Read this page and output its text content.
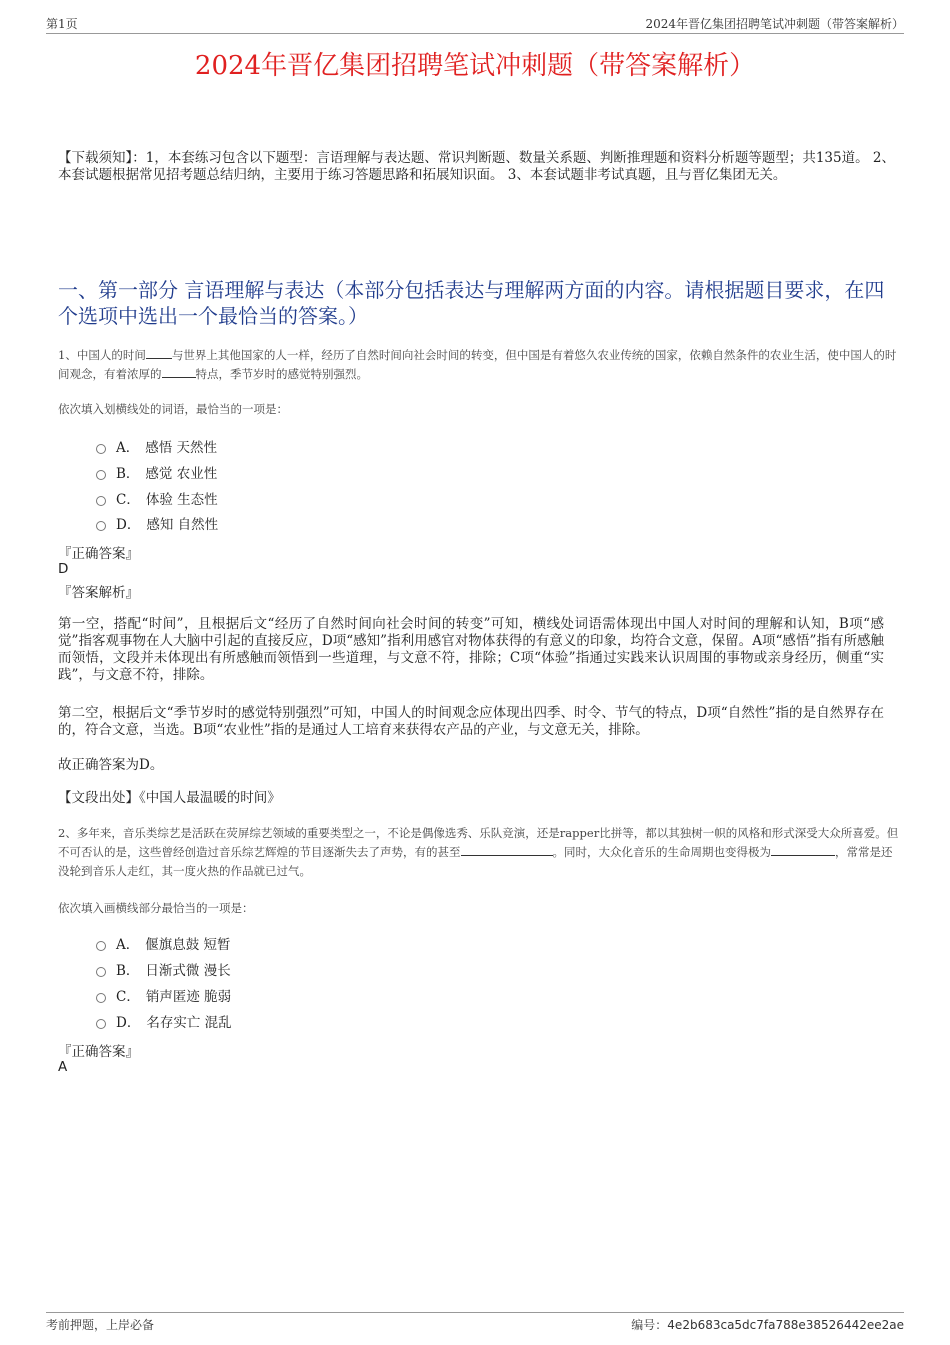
第1页	2024年晋亿集团招聘笔试冲刺题（带答案解析）
2024年晋亿集团招聘笔试冲刺题（带答案解析）
【下载须知】：1，本套练习包含以下题型：言语理解与表达题、常识判断题、数量关系题、判断推理题和资料分析题等题型；共135道。 2、本套试题根据常见招考题总结归纳，主要用于练习答题思路和拓展知识面。 3、本套试题非考试真题，且与晋亿集团无关。
一、第一部分 言语理解与表达（本部分包括表达与理解两方面的内容。请根据题目要求，在四个选项中选出一个最恰当的答案。）
1、中国人的时间 与世界上其他国家的人一样，经历了自然时间向社会时间的转变，但中国是有着悠久农业传统的国家，依赖自然条件的农业生活，使中国人的时间观念，有着浓厚的	特点，季节岁时的感觉特别强烈。
依次填入划横线处的词语，最恰当的一项是：
A． 感悟 天然性
B． 感觉 农业性
C． 体验 生态性
D． 感知 自然性
『正确答案』
D
『答案解析』
第一空，搭配“时间”，且根据后文“经历了自然时间向社会时间的转变”可知，横线处词语需体现出中国人对时间的理解和认知，B项“感觉”指客观事物在人大脑中引起的直接反应，D项“感知”指利用感官对物体获得的有意义的印象，均符合文意，保留。A项“感悟”指有所感触而领悟，文段并未体现出有所感触而领悟到一些道理，与文意不符，排除；C项“体验”指通过实践来认识周围的事物或亲身经历，侧重“实践”，与文意不符，排除。
第二空，根据后文“季节岁时的感觉特别强烈”可知，中国人的时间观念应体现出四季、时令、节气的特点，D项“自然性”指的是自然界存在的，符合文意，当选。B项“农业性”指的是通过人工培育来获得农产品的产业，与文意无关，排除。
故正确答案为D。
【文段出处】《中国人最温暖的时间》
2、多年来，音乐类综艺是活跃在荧屏综艺领域的重要类型之一，不论是偶像选秀、乐队竞演，还是rapper比拼等，都以其独树一帜的风格和形式深受大众所喜爱。但不可否认的是，这些曾经创造过音乐综艺辉煌的节目逐渐失去了声势，有的甚至	。同时，大众化音乐的生命周期也变得极为	，常常是还没轮到音乐人走红，其一度火热的作品就已过气。
依次填入画横线部分最恰当的一项是：
A． 偃旗息鼓 短暂
B． 日渐式微 漫长
C． 销声匿迹 脆弱
D． 名存实亡 混乱
『正确答案』
A
考前押题，上岸必备	编号：4e2b683ca5dc7fa788e38526442ee2ae
